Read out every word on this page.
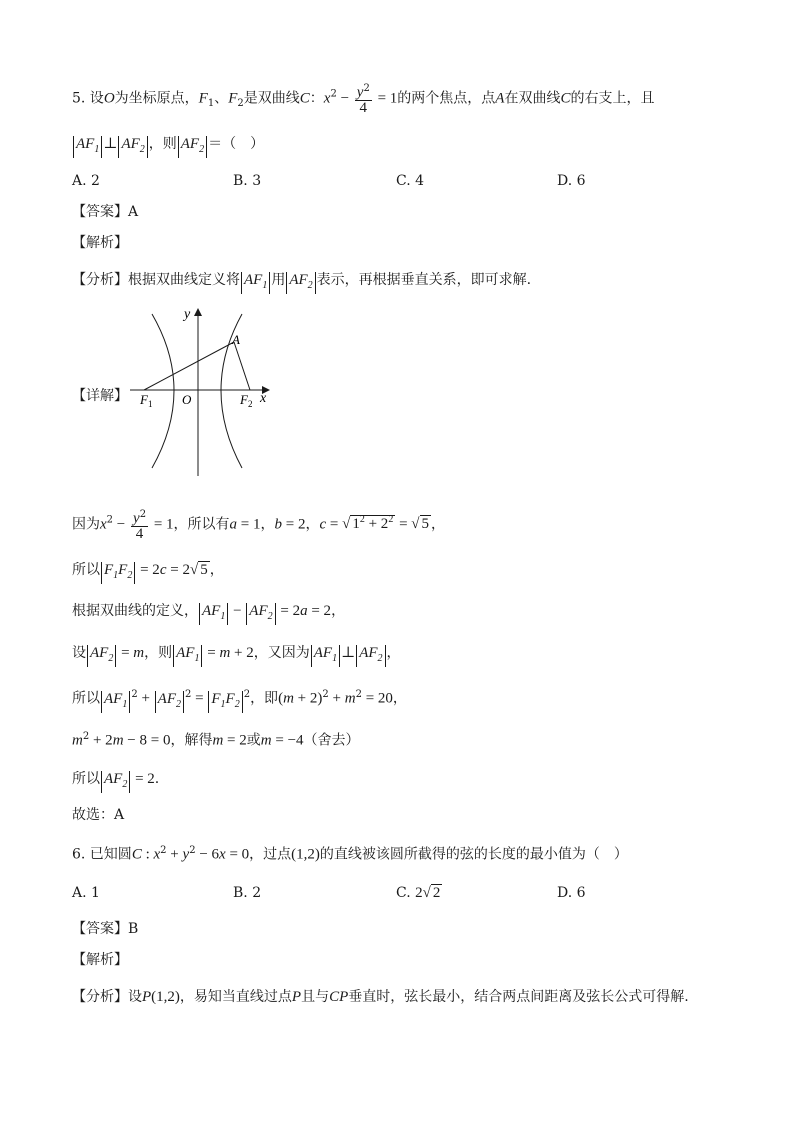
5. 设O为坐标原点，$F_1$、$F_2$是双曲线C：$x^2 - \frac{y^2}{4} = 1$的两个焦点，点A在双曲线C的右支上，且
$AF_1$ ⊥ $AF_2$ ，则 $AF_2$ ＝（　）
A. 2	B. 3	C. 4	D. 6
【答案】A
【解析】
【分析】根据双曲线定义将 $AF_1$ 用 $AF_2$ 表示，再根据垂直关系，即可求解.
【详解】
y
x
A
O
F 1	F 2
因为$x^2 - \frac{y^2}{4} = 1$，所以有a = 1，b = 2，c = √ $1^2 + 2^2$ = √ 5 ，
所以 $F_1F_2 = 2c = 2√$ 5 ，
根据双曲线的定义， $AF_1 - AF_2 = 2a = 2$，
设 $AF_2 = m$，则 $AF_1 = m + 2$，又因为 $AF_1$ ⊥ $AF_2$ ，
所以 $AF_1^2 + AF_2^2 = F_1F_2^2$，即$(m + 2)^2 + m^2 = 20$，
$m^2 + 2m - 8 = 0$，解得m = 2或m = −4（舍去）
所以 $AF_2 = 2$.
故选：A
6. 已知圆C : $x^2 + y^2 - 6x = 0$，过点(1,2)的直线被该圆所截得的弦的长度的最小值为（　）
A. 1	B. 2	C. 2√ 2	D. 6
【答案】B
【解析】
【分析】设P(1,2)，易知当直线过点P且与CP垂直时，弦长最小，结合两点间距离及弦长公式可得解.
